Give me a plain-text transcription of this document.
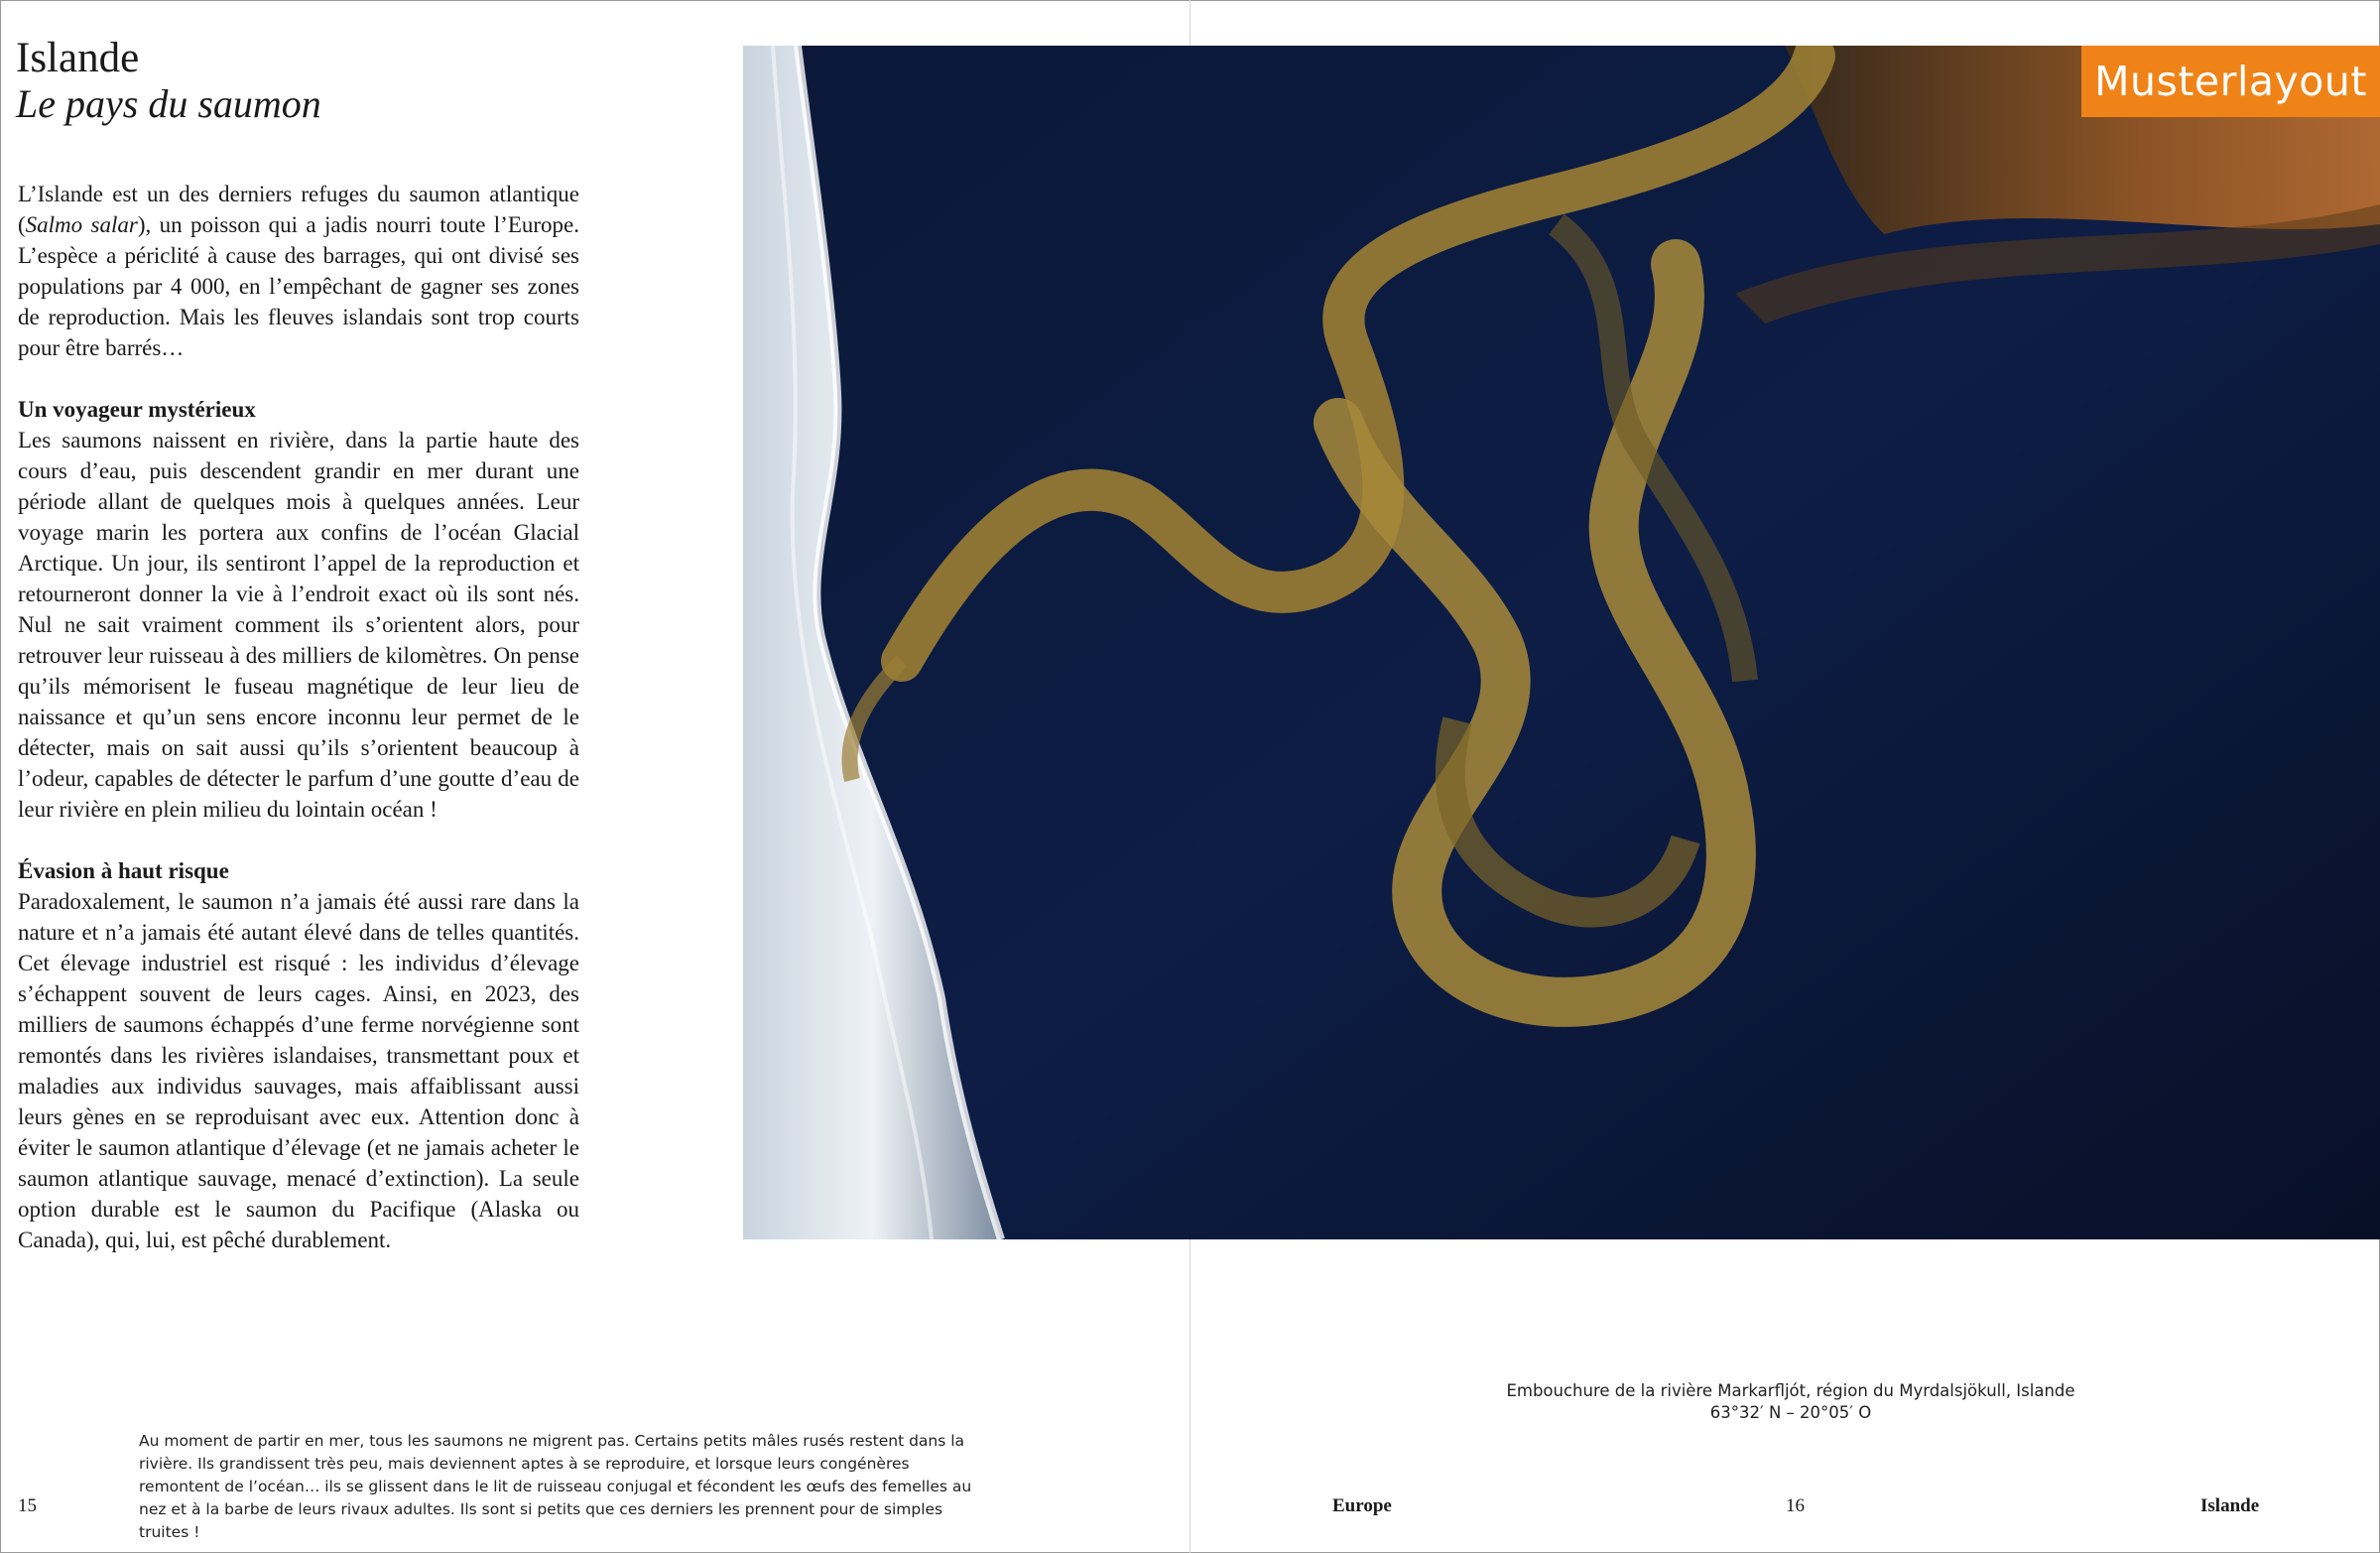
Islande
Le pays du saumon

L’Islande est un des derniers refuges du saumon atlantique (Salmo salar), un poisson qui a jadis nourri toute l’Europe. L’espèce a périclité à cause des barrages, qui ont divisé ses populations par 4 000, en l’empêchant de gagner ses zones de reproduction. Mais les fleuves islandais sont trop courts pour être barrés…

Un voyageur mystérieux

Les saumons naissent en rivière, dans la partie haute des cours d’eau, puis descendent grandir en mer durant une période allant de quelques mois à quelques années. Leur voyage marin les portera aux confins de l’océan Glacial Arctique. Un jour, ils sentiront l’appel de la reproduction et retourneront donner la vie à l’endroit exact où ils sont nés. Nul ne sait vraiment comment ils s’orientent alors, pour retrouver leur ruisseau à des milliers de kilomètres. On pense qu’ils mémorisent le fuseau magnétique de leur lieu de naissance et qu’un sens encore inconnu leur permet de le détecter, mais on sait aussi qu’ils s’orientent beaucoup à l’odeur, capables de détecter le parfum d’une goutte d’eau de leur rivière en plein milieu du lointain océan !

Évasion à haut risque

Paradoxalement, le saumon n’a jamais été aussi rare dans la nature et n’a jamais été autant élevé dans de telles quantités. Cet élevage industriel est risqué : les individus d’élevage s’échappent souvent de leurs cages. Ainsi, en 2023, des milliers de saumons échappés d’une ferme norvégienne sont remontés dans les rivières islandaises, transmettant poux et maladies aux individus sauvages, mais affaiblissant aussi leurs gènes en se reproduisant avec eux. Attention donc à éviter le saumon atlantique d’élevage (et ne jamais acheter le saumon atlantique sauvage, menacé d’extinction). La seule option durable est le saumon du Pacifique (Alaska ou Canada), qui, lui, est pêché durablement.

Musterlayout
Embouchure de la rivière Markarfljót, région du Myrdalsjökull, Islande
63°32′ N – 20°05′ O
Au moment de partir en mer, tous les saumons ne migrent pas. Certains petits mâles rusés restent dans la rivière. Ils grandissent très peu, mais deviennent aptes à se reproduire, et lorsque leurs congénères remontent de l’océan… ils se glissent dans le lit de ruisseau conjugal et fécondent les œufs des femelles au nez et à la barbe de leurs rivaux adultes. Ils sont si petits que ces derniers les prennent pour de simples truites !
15	Europe	16	Islande
